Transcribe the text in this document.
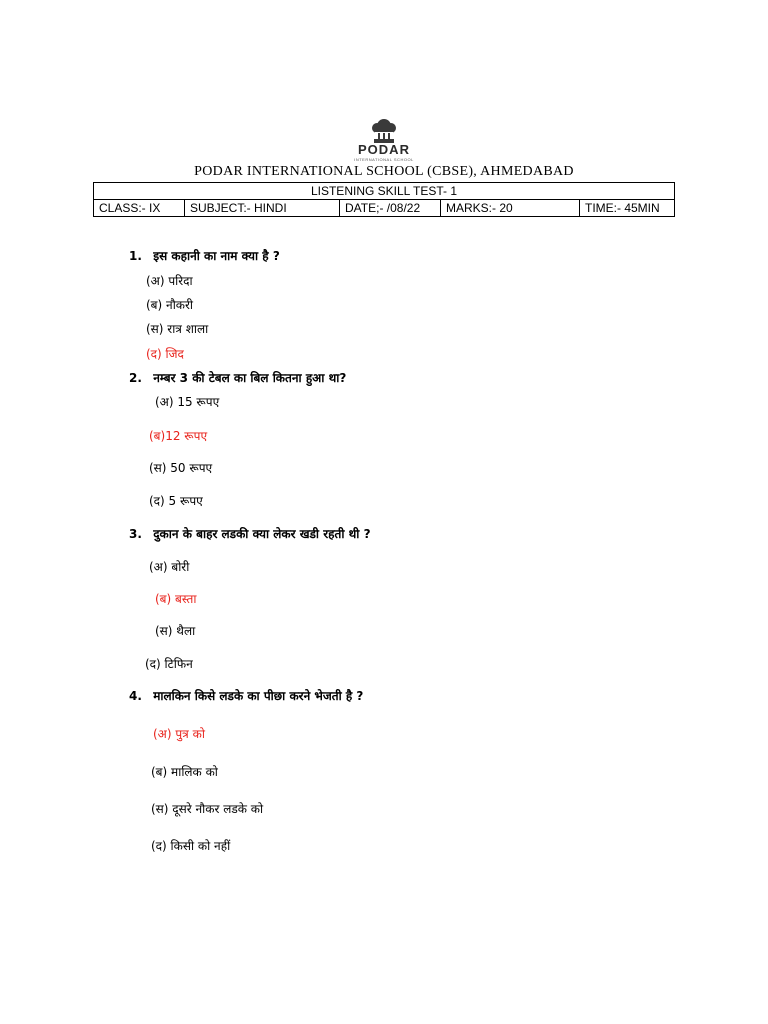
PODAR
INTERNATIONAL SCHOOL
PODAR INTERNATIONAL SCHOOL (CBSE), AHMEDABAD
LISTENING SKILL TEST- 1
CLASS:- IX	SUBJECT:- HINDI	DATE;- /08/22	MARKS:- 20	TIME:- 45MIN
1. इस कहानी का नाम क्या है ?
(अ) परिदा
(ब) नौकरी
(स) रात्र शाला
(द) जिद
2. नम्बर 3 की टेबल का बिल कितना हुआ था?
(अ) 15 रूपए
(ब)12 रूपए
(स) 50 रूपए
(द) 5 रूपए
3. दुकान के बाहर लडकी क्या लेकर खडी रहती थी ?
(अ) बोरी
(ब) बस्ता
(स) थैला
(द) टिफिन
4. मालकिन किसे लडके का पीछा करने भेजती है ?
(अ) पुत्र को
(ब) मालिक को
(स) दूसरे नौकर लडके को
(द) किसी को नहीं
